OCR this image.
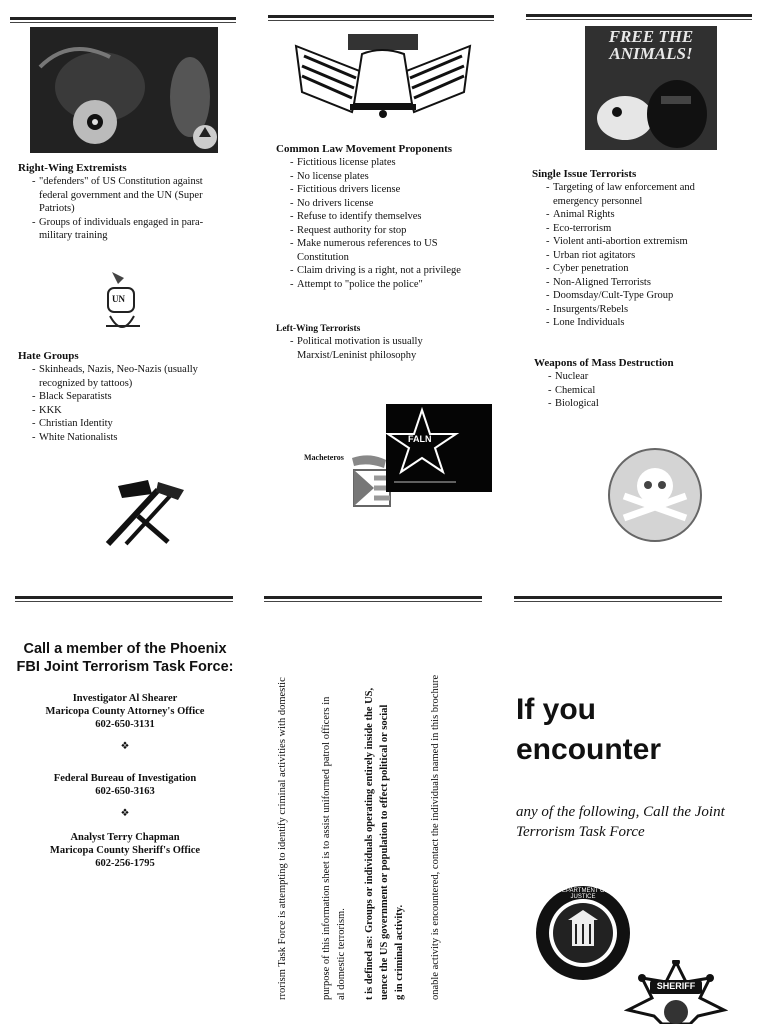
Right-Wing Extremists
- "defenders" of US Constitution against federal government and the UN (Super Patriots)
- Groups of individuals engaged in para-military training
UN
Hate Groups
- Skinheads, Nazis, Neo-Nazis (usually recognized by tattoos)
- Black Separatists
- KKK
- Christian Identity
- White Nationalists
Common Law Movement Proponents
- Fictitious license plates
- No license plates
- Fictitious drivers license
- No drivers license
- Refuse to identify themselves
- Request authority for stop
- Make numerous references to US Constitution
- Claim driving is a right, not a privilege
- Attempt to "police the police"
Left-Wing Terrorists
- Political motivation is usually Marxist/Leninist philosophy
Macheteros
FALN
FREE THE ANIMALS!
Single Issue Terrorists
- Targeting of law enforcement and emergency personnel
- Animal Rights
- Eco-terrorism
- Violent anti-abortion extremism
- Urban riot agitators
- Cyber penetration
- Non-Aligned Terrorists
- Doomsday/Cult-Type Group
- Insurgents/Rebels
- Lone Individuals
Weapons of Mass Destruction
- Nuclear
- Chemical
- Biological
Call a member of the Phoenix FBI Joint Terrorism Task Force:
Investigator Al Shearer
Maricopa County Attorney's Office
602-650-3131
❖
Federal Bureau of Investigation
602-650-3163
❖
Analyst Terry Chapman
Maricopa County Sheriff's Office
602-256-1795	rrorism Task Force is attempting to identify criminal activities with domestic	purpose of this information sheet is to assist uniformed patrol officers in al domestic terrorism. t is defined as: Groups or individuals operating entirely inside the US, uence the US government or population to effect political or social g in criminal activity. onable activity is encountered, contact the individuals named in this brochure	If you encounter
any of the following, Call the Joint Terrorism Task Force
DEPARTMENT OF JUSTICE
SHERIFF
